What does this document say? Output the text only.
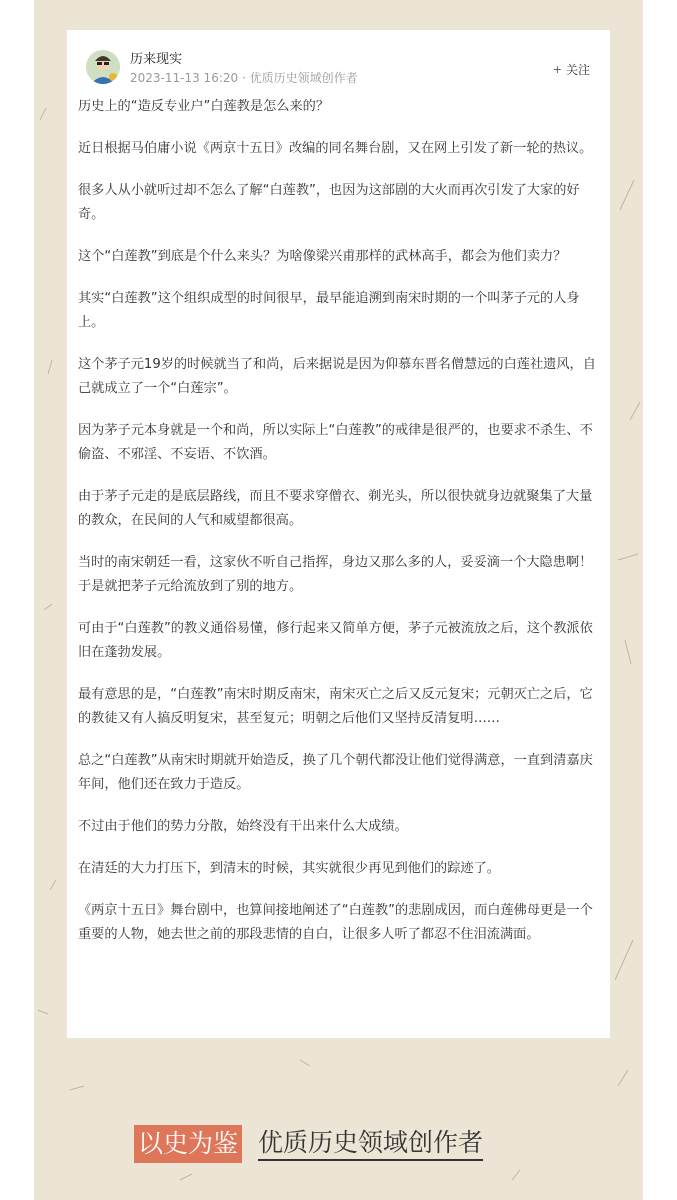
历来现实
2023-11-13 16:20 · 优质历史领域创作者
+ 关注

历史上的“造反专业户”白莲教是怎么来的？

近日根据马伯庸小说《两京十五日》改编的同名舞台剧，又在网上引发了新一轮的热议。

很多人从小就听过却不怎么了解“白莲教”，也因为这部剧的大火而再次引发了大家的好奇。

这个“白莲教”到底是个什么来头？为啥像梁兴甫那样的武林高手，都会为他们卖力？

其实“白莲教”这个组织成型的时间很早，最早能追溯到南宋时期的一个叫茅子元的人身上。

这个茅子元19岁的时候就当了和尚，后来据说是因为仰慕东晋名僧慧远的白莲社遗风，自己就成立了一个“白莲宗”。

因为茅子元本身就是一个和尚，所以实际上“白莲教”的戒律是很严的，也要求不杀生、不偷盗、不邪淫、不妄语、不饮酒。

由于茅子元走的是底层路线，而且不要求穿僧衣、剃光头，所以很快就身边就聚集了大量的教众，在民间的人气和威望都很高。

当时的南宋朝廷一看，这家伙不听自己指挥，身边又那么多的人，妥妥滴一个大隐患啊！于是就把茅子元给流放到了别的地方。

可由于“白莲教”的教义通俗易懂，修行起来又简单方便，茅子元被流放之后，这个教派依旧在蓬勃发展。

最有意思的是，“白莲教”南宋时期反南宋，南宋灭亡之后又反元复宋；元朝灭亡之后，它的教徒又有人搞反明复宋，甚至复元；明朝之后他们又坚持反清复明……

总之“白莲教”从南宋时期就开始造反，换了几个朝代都没让他们觉得满意，一直到清嘉庆年间，他们还在致力于造反。

不过由于他们的势力分散，始终没有干出来什么大成绩。

在清廷的大力打压下，到清末的时候，其实就很少再见到他们的踪迹了。

《两京十五日》舞台剧中，也算间接地阐述了“白莲教”的悲剧成因，而白莲佛母更是一个重要的人物，她去世之前的那段悲情的自白，让很多人听了都忍不住泪流满面。

以史为鉴 优质历史领域创作者
